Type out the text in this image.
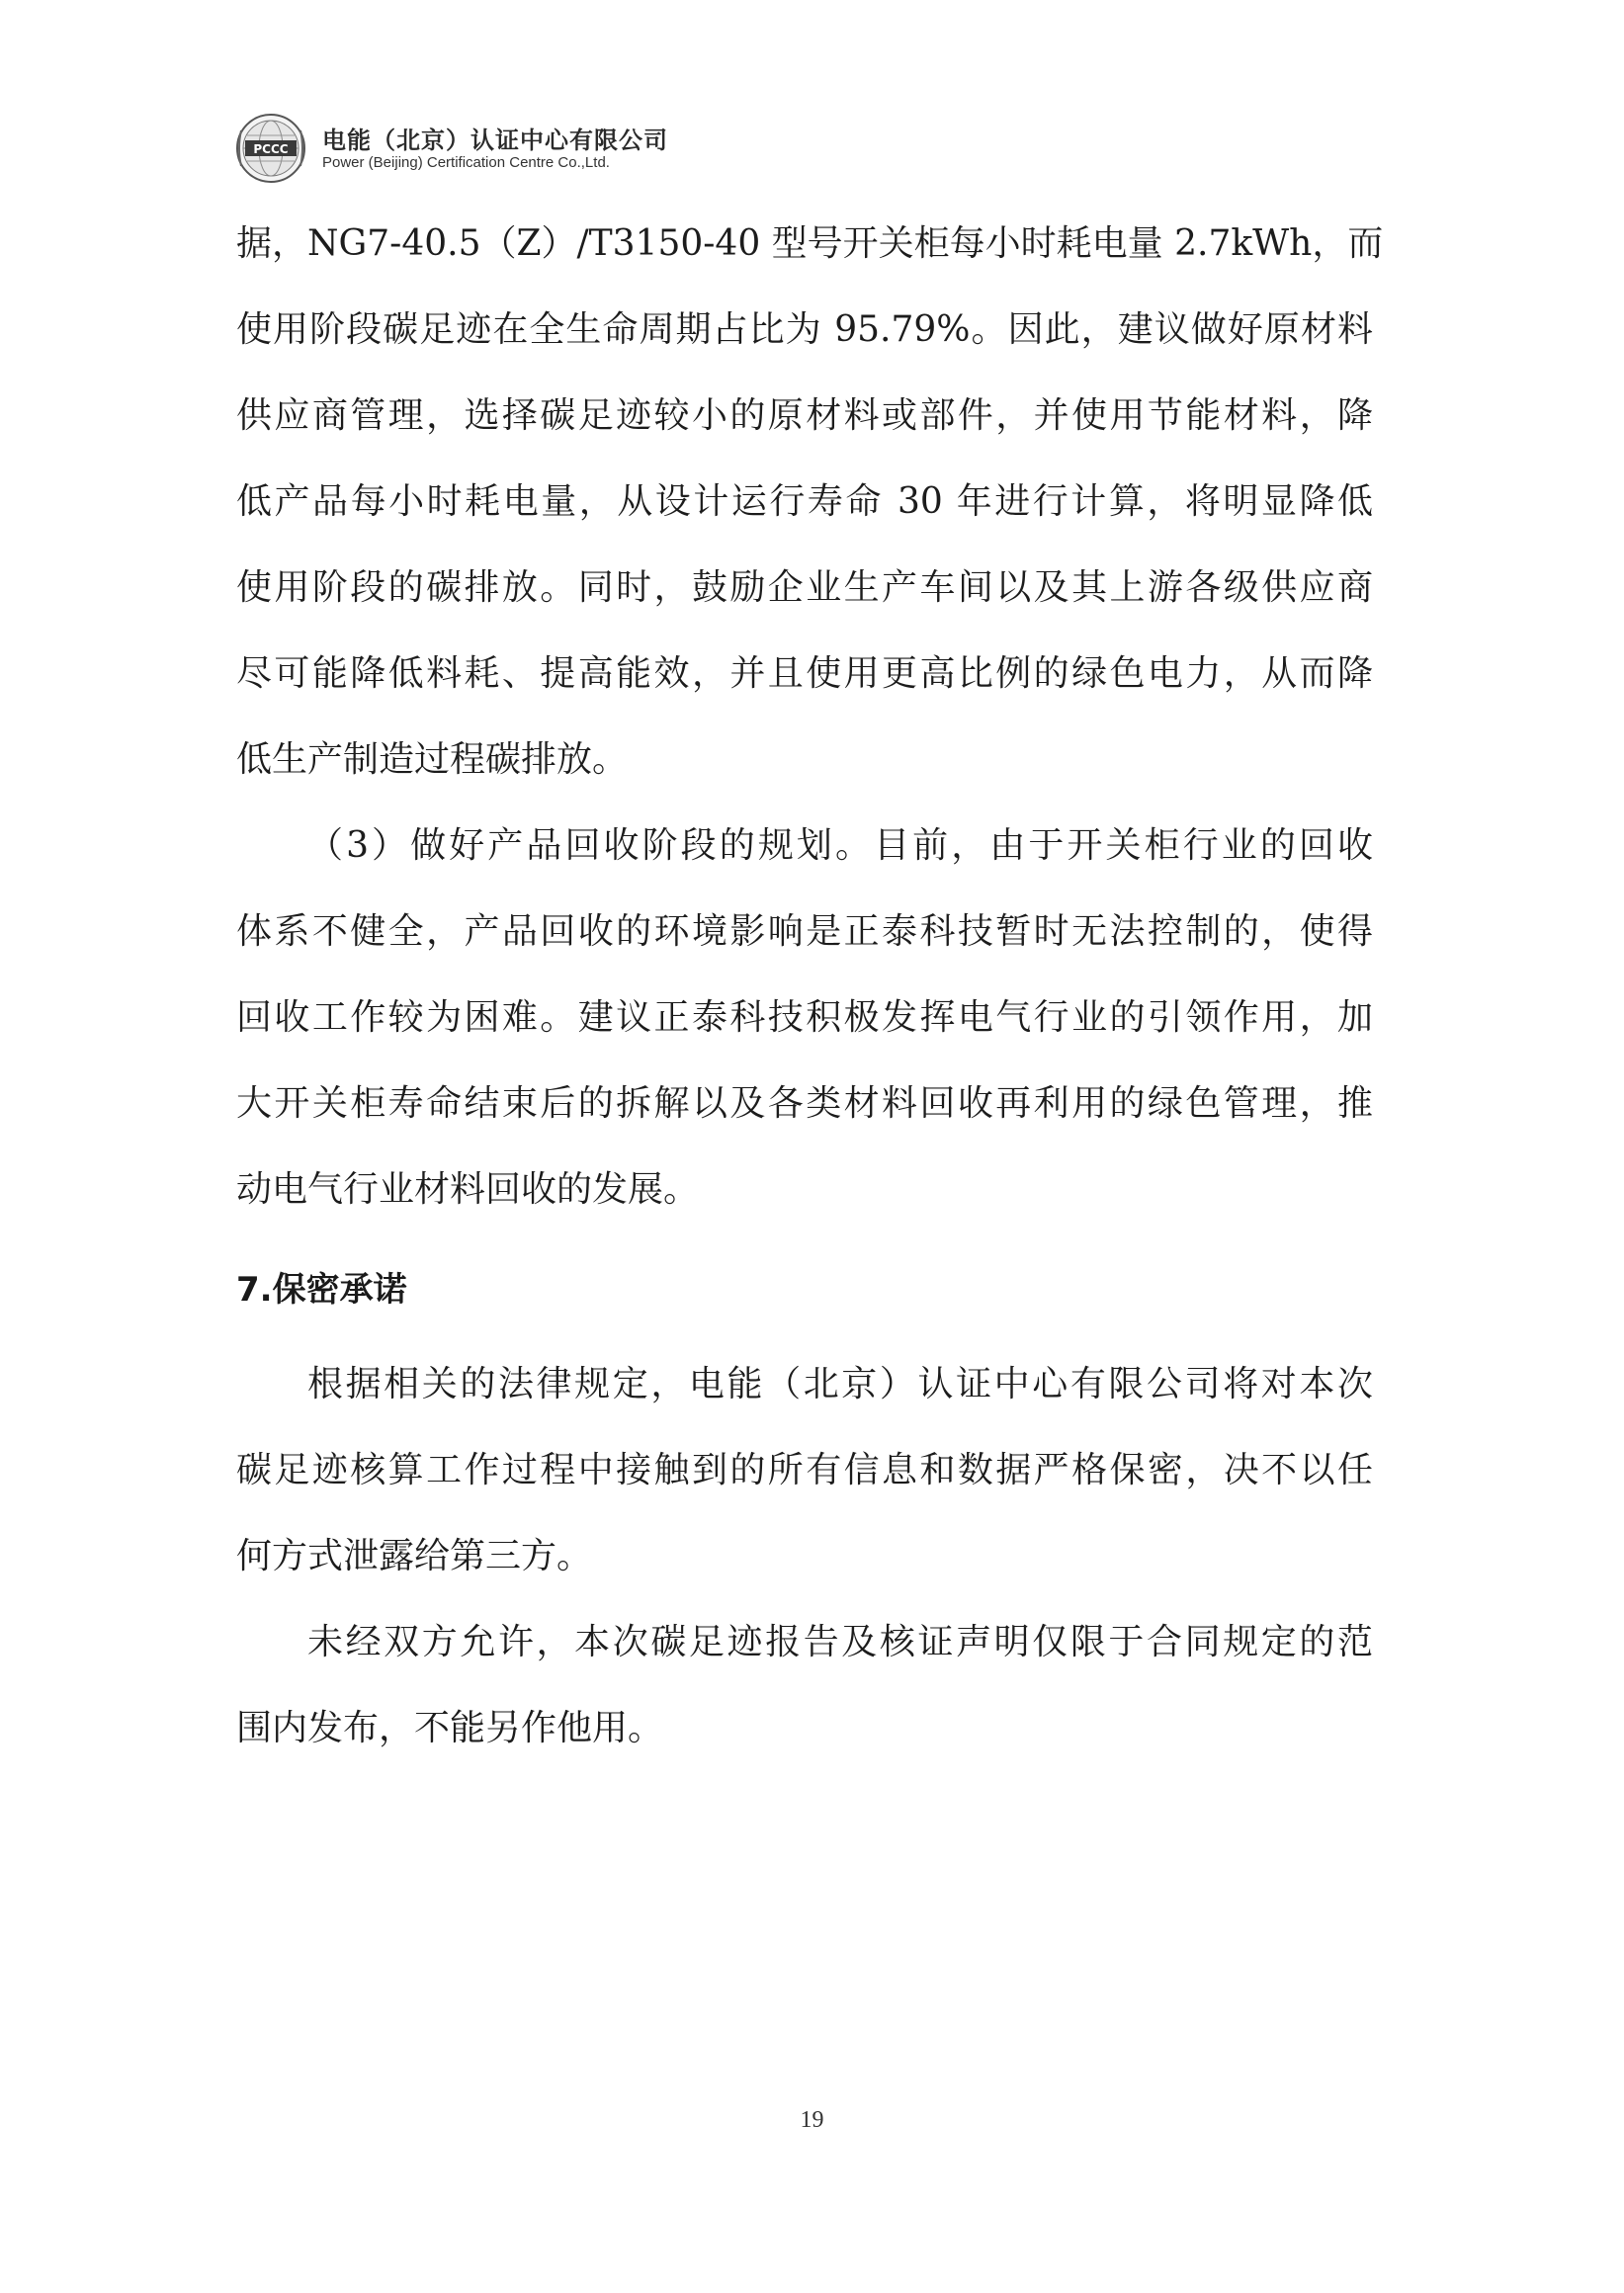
PCCC 电能（北京）认证中心有限公司
Power (Beijing) Certification Centre Co.,Ltd.
据，NG7-40.5（Z）/T3150-40 型号开关柜每小时耗电量 2.7kWh，而
使用阶段碳足迹在全生命周期占比为 95.79%。因此，建议做好原材料
供应商管理，选择碳足迹较小的原材料或部件，并使用节能材料，降
低产品每小时耗电量，从设计运行寿命 30 年进行计算，将明显降低
使用阶段的碳排放。同时，鼓励企业生产车间以及其上游各级供应商
尽可能降低料耗、提高能效，并且使用更高比例的绿色电力，从而降
低生产制造过程碳排放。
（3）做好产品回收阶段的规划。目前，由于开关柜行业的回收
体系不健全，产品回收的环境影响是正泰科技暂时无法控制的，使得
回收工作较为困难。建议正泰科技积极发挥电气行业的引领作用，加
大开关柜寿命结束后的拆解以及各类材料回收再利用的绿色管理，推
动电气行业材料回收的发展。
7.保密承诺
根据相关的法律规定，电能（北京）认证中心有限公司将对本次
碳足迹核算工作过程中接触到的所有信息和数据严格保密，决不以任
何方式泄露给第三方。
未经双方允许，本次碳足迹报告及核证声明仅限于合同规定的范
围内发布，不能另作他用。
19
